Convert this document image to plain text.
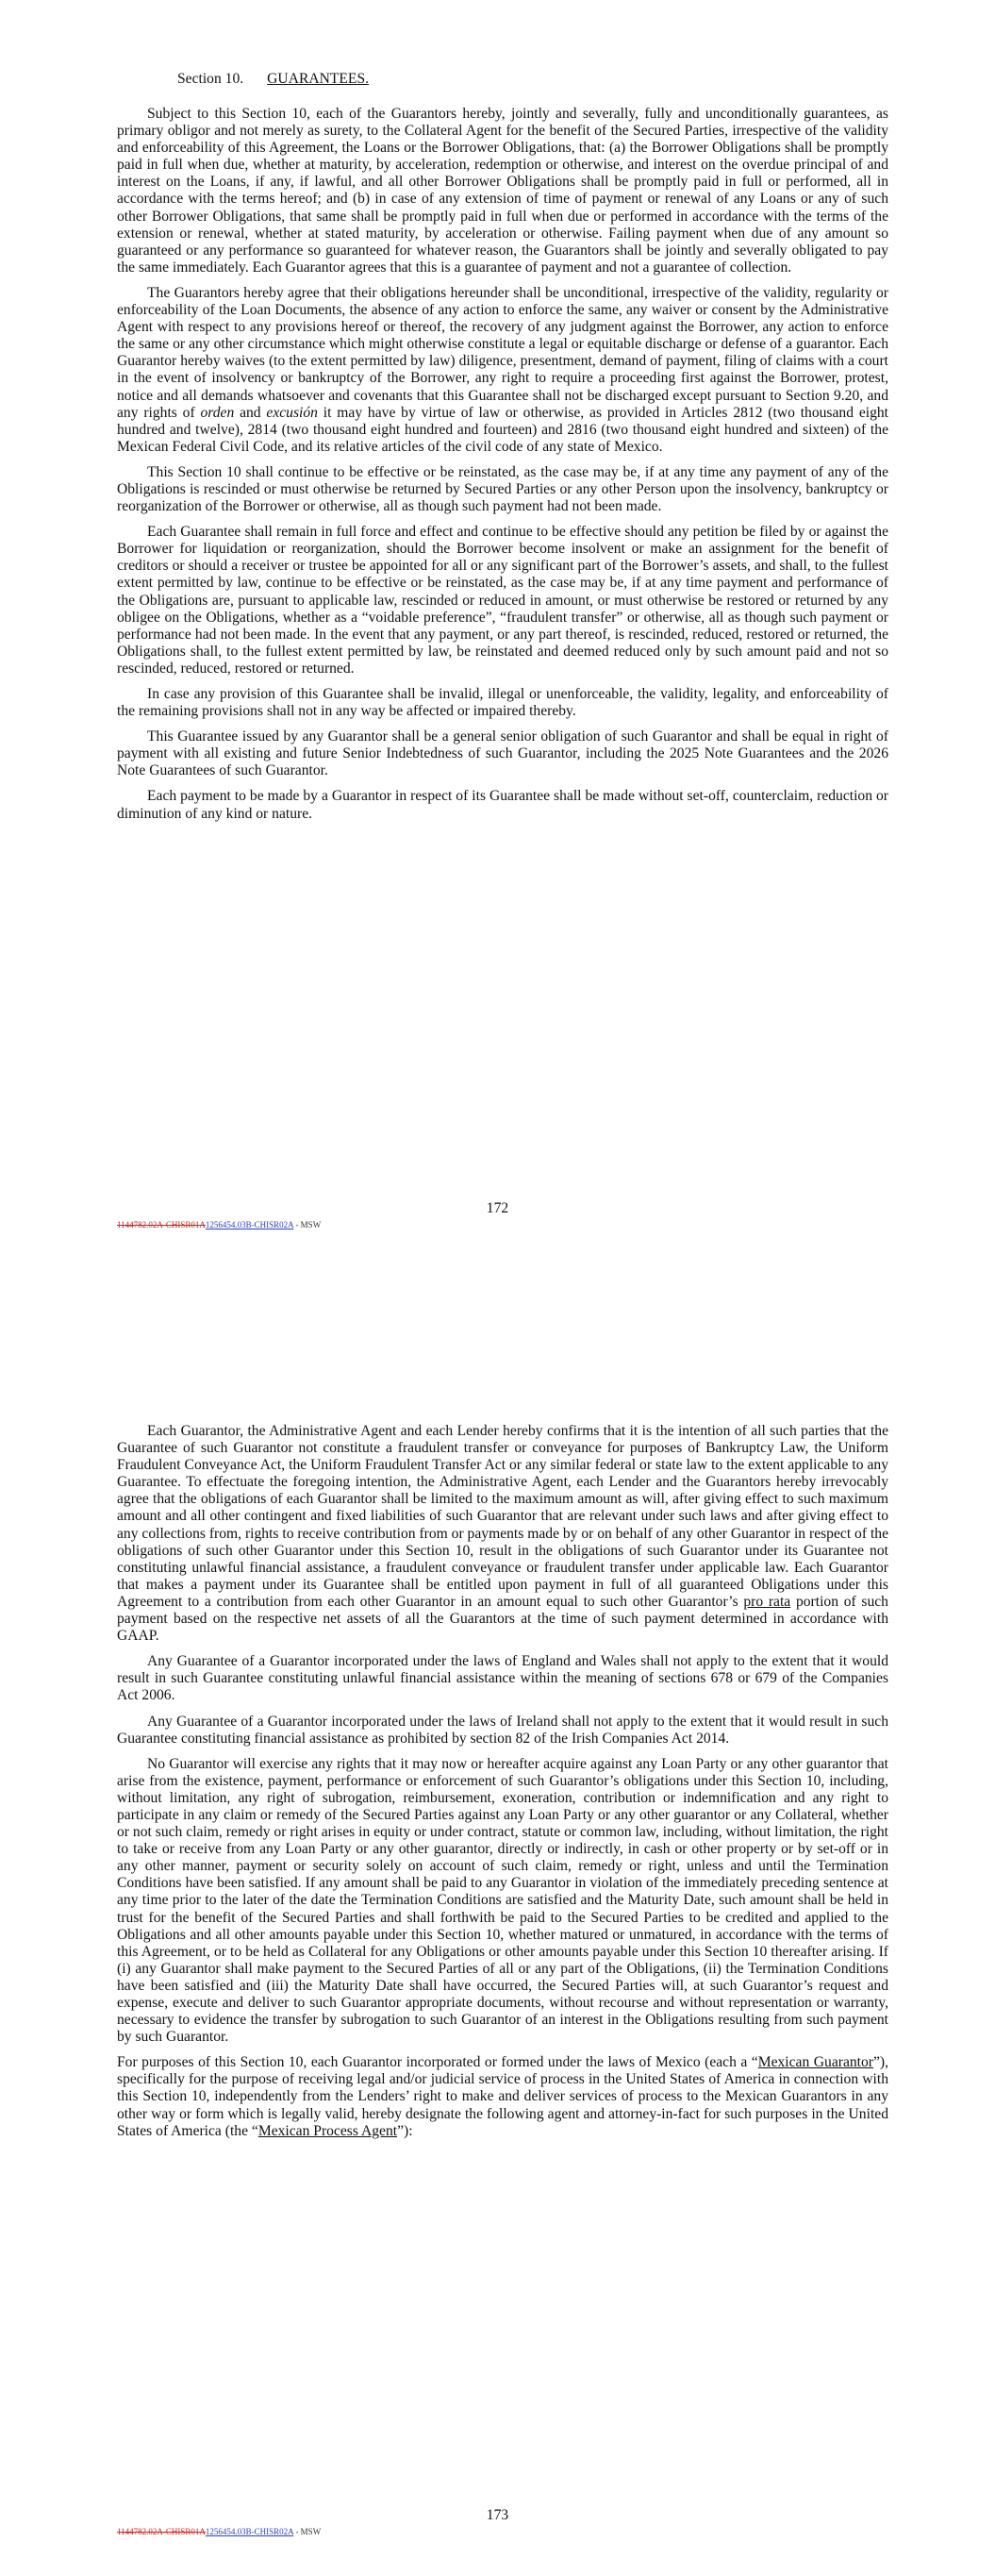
Section 10. GUARANTEES.

Subject to this Section 10, each of the Guarantors hereby, jointly and severally, fully and unconditionally guarantees, as primary obligor and not merely as surety, to the Collateral Agent for the benefit of the Secured Parties, irrespective of the validity and enforceability of this Agreement, the Loans or the Borrower Obligations, that: (a) the Borrower Obligations shall be promptly paid in full when due, whether at maturity, by acceleration, redemption or otherwise, and interest on the overdue principal of and interest on the Loans, if any, if lawful, and all other Borrower Obligations shall be promptly paid in full or performed, all in accordance with the terms hereof; and (b) in case of any extension of time of payment or renewal of any Loans or any of such other Borrower Obligations, that same shall be promptly paid in full when due or performed in accordance with the terms of the extension or renewal, whether at stated maturity, by acceleration or otherwise. Failing payment when due of any amount so guaranteed or any performance so guaranteed for whatever reason, the Guarantors shall be jointly and severally obligated to pay the same immediately. Each Guarantor agrees that this is a guarantee of payment and not a guarantee of collection.

The Guarantors hereby agree that their obligations hereunder shall be unconditional, irrespective of the validity, regularity or enforceability of the Loan Documents, the absence of any action to enforce the same, any waiver or consent by the Administrative Agent with respect to any provisions hereof or thereof, the recovery of any judgment against the Borrower, any action to enforce the same or any other circumstance which might otherwise constitute a legal or equitable discharge or defense of a guarantor. Each Guarantor hereby waives (to the extent permitted by law) diligence, presentment, demand of payment, filing of claims with a court in the event of insolvency or bankruptcy of the Borrower, any right to require a proceeding first against the Borrower, protest, notice and all demands whatsoever and covenants that this Guarantee shall not be discharged except pursuant to Section 9.20, and any rights of orden and excusión it may have by virtue of law or otherwise, as provided in Articles 2812 (two thousand eight hundred and twelve), 2814 (two thousand eight hundred and fourteen) and 2816 (two thousand eight hundred and sixteen) of the Mexican Federal Civil Code, and its relative articles of the civil code of any state of Mexico.

This Section 10 shall continue to be effective or be reinstated, as the case may be, if at any time any payment of any of the Obligations is rescinded or must otherwise be returned by Secured Parties or any other Person upon the insolvency, bankruptcy or reorganization of the Borrower or otherwise, all as though such payment had not been made.

Each Guarantee shall remain in full force and effect and continue to be effective should any petition be filed by or against the Borrower for liquidation or reorganization, should the Borrower become insolvent or make an assignment for the benefit of creditors or should a receiver or trustee be appointed for all or any significant part of the Borrower’s assets, and shall, to the fullest extent permitted by law, continue to be effective or be reinstated, as the case may be, if at any time payment and performance of the Obligations are, pursuant to applicable law, rescinded or reduced in amount, or must otherwise be restored or returned by any obligee on the Obligations, whether as a “voidable preference”, “fraudulent transfer” or otherwise, all as though such payment or performance had not been made. In the event that any payment, or any part thereof, is rescinded, reduced, restored or returned, the Obligations shall, to the fullest extent permitted by law, be reinstated and deemed reduced only by such amount paid and not so rescinded, reduced, restored or returned.

In case any provision of this Guarantee shall be invalid, illegal or unenforceable, the validity, legality, and enforceability of the remaining provisions shall not in any way be affected or impaired thereby.

This Guarantee issued by any Guarantor shall be a general senior obligation of such Guarantor and shall be equal in right of payment with all existing and future Senior Indebtedness of such Guarantor, including the 2025 Note Guarantees and the 2026 Note Guarantees of such Guarantor.

Each payment to be made by a Guarantor in respect of its Guarantee shall be made without set-off, counterclaim, reduction or diminution of any kind or nature.

172
1144782.02A-CHISR01A1256454.03B-CHISR02A - MSW

Each Guarantor, the Administrative Agent and each Lender hereby confirms that it is the intention of all such parties that the Guarantee of such Guarantor not constitute a fraudulent transfer or conveyance for purposes of Bankruptcy Law, the Uniform Fraudulent Conveyance Act, the Uniform Fraudulent Transfer Act or any similar federal or state law to the extent applicable to any Guarantee. To effectuate the foregoing intention, the Administrative Agent, each Lender and the Guarantors hereby irrevocably agree that the obligations of each Guarantor shall be limited to the maximum amount as will, after giving effect to such maximum amount and all other contingent and fixed liabilities of such Guarantor that are relevant under such laws and after giving effect to any collections from, rights to receive contribution from or payments made by or on behalf of any other Guarantor in respect of the obligations of such other Guarantor under this Section 10, result in the obligations of such Guarantor under its Guarantee not constituting unlawful financial assistance, a fraudulent conveyance or fraudulent transfer under applicable law. Each Guarantor that makes a payment under its Guarantee shall be entitled upon payment in full of all guaranteed Obligations under this Agreement to a contribution from each other Guarantor in an amount equal to such other Guarantor’s pro rata portion of such payment based on the respective net assets of all the Guarantors at the time of such payment determined in accordance with GAAP.

Any Guarantee of a Guarantor incorporated under the laws of England and Wales shall not apply to the extent that it would result in such Guarantee constituting unlawful financial assistance within the meaning of sections 678 or 679 of the Companies Act 2006.

Any Guarantee of a Guarantor incorporated under the laws of Ireland shall not apply to the extent that it would result in such Guarantee constituting financial assistance as prohibited by section 82 of the Irish Companies Act 2014.

No Guarantor will exercise any rights that it may now or hereafter acquire against any Loan Party or any other guarantor that arise from the existence, payment, performance or enforcement of such Guarantor’s obligations under this Section 10, including, without limitation, any right of subrogation, reimbursement, exoneration, contribution or indemnification and any right to participate in any claim or remedy of the Secured Parties against any Loan Party or any other guarantor or any Collateral, whether or not such claim, remedy or right arises in equity or under contract, statute or common law, including, without limitation, the right to take or receive from any Loan Party or any other guarantor, directly or indirectly, in cash or other property or by set-off or in any other manner, payment or security solely on account of such claim, remedy or right, unless and until the Termination Conditions have been satisfied. If any amount shall be paid to any Guarantor in violation of the immediately preceding sentence at any time prior to the later of the date the Termination Conditions are satisfied and the Maturity Date, such amount shall be held in trust for the benefit of the Secured Parties and shall forthwith be paid to the Secured Parties to be credited and applied to the Obligations and all other amounts payable under this Section 10, whether matured or unmatured, in accordance with the terms of this Agreement, or to be held as Collateral for any Obligations or other amounts payable under this Section 10 thereafter arising. If (i) any Guarantor shall make payment to the Secured Parties of all or any part of the Obligations, (ii) the Termination Conditions have been satisfied and (iii) the Maturity Date shall have occurred, the Secured Parties will, at such Guarantor’s request and expense, execute and deliver to such Guarantor appropriate documents, without recourse and without representation or warranty, necessary to evidence the transfer by subrogation to such Guarantor of an interest in the Obligations resulting from such payment by such Guarantor.

For purposes of this Section 10, each Guarantor incorporated or formed under the laws of Mexico (each a “Mexican Guarantor”), specifically for the purpose of receiving legal and/or judicial service of process in the United States of America in connection with this Section 10, independently from the Lenders’ right to make and deliver services of process to the Mexican Guarantors in any other way or form which is legally valid, hereby designate the following agent and attorney-in-fact for such purposes in the United States of America (the “Mexican Process Agent”):

173
1144782.02A-CHISR01A1256454.03B-CHISR02A - MSW
